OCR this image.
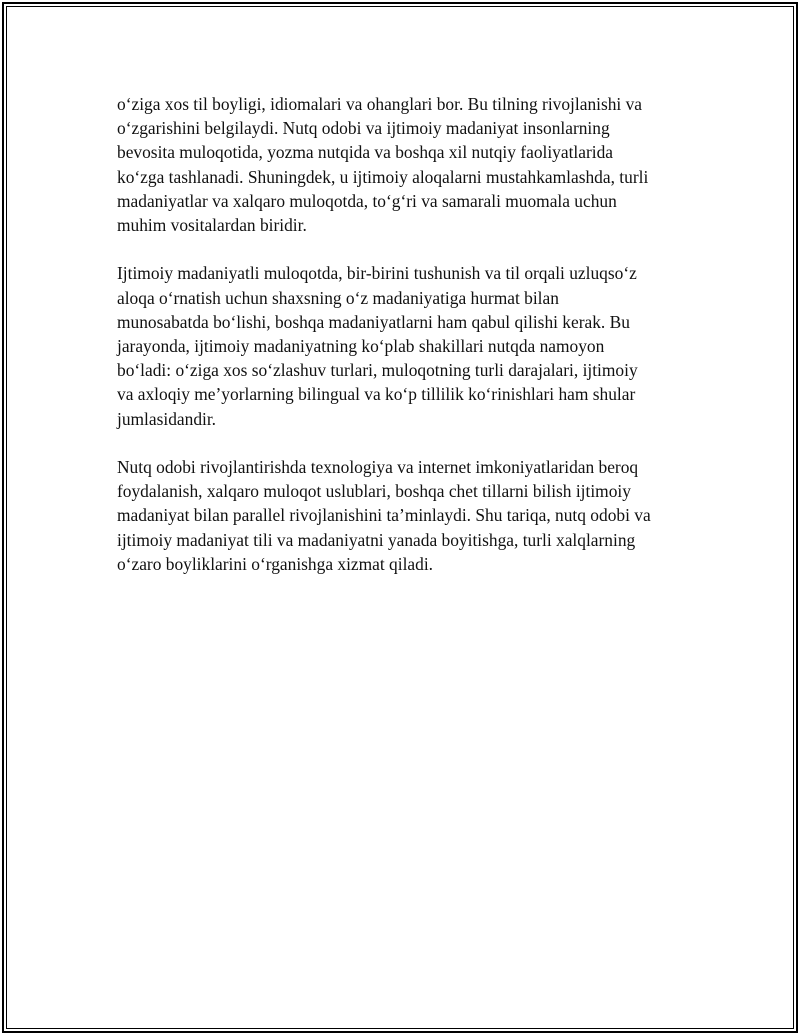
o‘ziga xos til boyligi, idiomalari va ohanglari bor. Bu tilning rivojlanishi va
o‘zgarishini belgilaydi. Nutq odobi va ijtimoiy madaniyat insonlarning
bevosita muloqotida, yozma nutqida va boshqa xil nutqiy faoliyatlarida
ko‘zga tashlanadi. Shuningdek, u ijtimoiy aloqalarni mustahkamlashda, turli
madaniyatlar va xalqaro muloqotda, to‘g‘ri va samarali muomala uchun
muhim vositalardan biridir.

Ijtimoiy madaniyatli muloqotda, bir-birini tushunish va til orqali uzluqso‘z
aloqa o‘rnatish uchun shaxsning o‘z madaniyatiga hurmat bilan
munosabatda bo‘lishi, boshqa madaniyatlarni ham qabul qilishi kerak. Bu
jarayonda, ijtimoiy madaniyatning ko‘plab shakillari nutqda namoyon
bo‘ladi: o‘ziga xos so‘zlashuv turlari, muloqotning turli darajalari, ijtimoiy
va axloqiy me’yorlarning bilingual va ko‘p tillilik ko‘rinishlari ham shular
jumlasidandir.

Nutq odobi rivojlantirishda texnologiya va internet imkoniyatlaridan beroq
foydalanish, xalqaro muloqot uslublari, boshqa chet tillarni bilish ijtimoiy
madaniyat bilan parallel rivojlanishini ta’minlaydi. Shu tariqa, nutq odobi va
ijtimoiy madaniyat tili va madaniyatni yanada boyitishga, turli xalqlarning
o‘zaro boyliklarini o‘rganishga xizmat qiladi.
